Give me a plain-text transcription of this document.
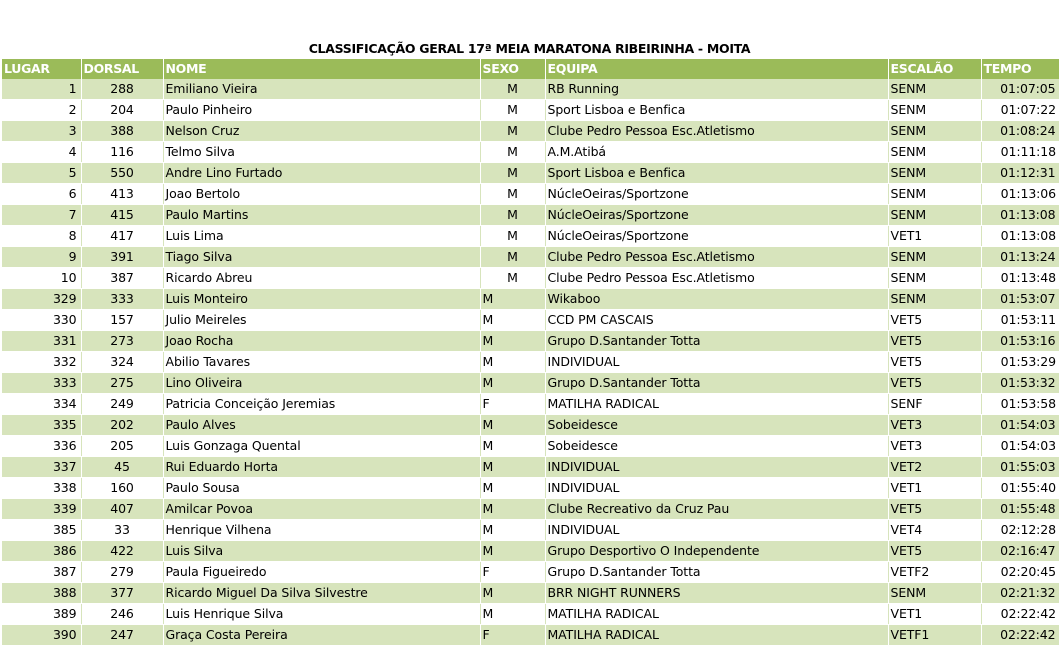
CLASSIFICAÇÃO GERAL 17ª MEIA MARATONA RIBEIRINHA - MOITA
LUGAR	DORSAL	NOME	SEXO	EQUIPA	ESCALÃO	TEMPO
1	288	Emiliano Vieira	M	RB Running	SENM	01:07:05
2	204	Paulo Pinheiro	M	Sport Lisboa e Benfica	SENM	01:07:22
3	388	Nelson Cruz	M	Clube Pedro Pessoa Esc.Atletismo	SENM	01:08:24
4	116	Telmo Silva	M	A.M.Atibá	SENM	01:11:18
5	550	Andre Lino Furtado	M	Sport Lisboa e Benfica	SENM	01:12:31
6	413	Joao Bertolo	M	NúcleOeiras/Sportzone	SENM	01:13:06
7	415	Paulo Martins	M	NúcleOeiras/Sportzone	SENM	01:13:08
8	417	Luis Lima	M	NúcleOeiras/Sportzone	VET1	01:13:08
9	391	Tiago Silva	M	Clube Pedro Pessoa Esc.Atletismo	SENM	01:13:24
10	387	Ricardo Abreu	M	Clube Pedro Pessoa Esc.Atletismo	SENM	01:13:48
329	333	Luis Monteiro	M	Wikaboo	SENM	01:53:07
330	157	Julio Meireles	M	CCD PM CASCAIS	VET5	01:53:11
331	273	Joao Rocha	M	Grupo D.Santander Totta	VET5	01:53:16
332	324	Abilio Tavares	M	INDIVIDUAL	VET5	01:53:29
333	275	Lino Oliveira	M	Grupo D.Santander Totta	VET5	01:53:32
334	249	Patricia Conceição Jeremias	F	MATILHA RADICAL	SENF	01:53:58
335	202	Paulo Alves	M	Sobeidesce	VET3	01:54:03
336	205	Luis Gonzaga Quental	M	Sobeidesce	VET3	01:54:03
337	45	Rui Eduardo Horta	M	INDIVIDUAL	VET2	01:55:03
338	160	Paulo Sousa	M	INDIVIDUAL	VET1	01:55:40
339	407	Amilcar Povoa	M	Clube Recreativo da Cruz Pau	VET5	01:55:48
385	33	Henrique Vilhena	M	INDIVIDUAL	VET4	02:12:28
386	422	Luis Silva	M	Grupo Desportivo O Independente	VET5	02:16:47
387	279	Paula Figueiredo	F	Grupo D.Santander Totta	VETF2	02:20:45
388	377	Ricardo Miguel Da Silva Silvestre	M	BRR NIGHT RUNNERS	SENM	02:21:32
389	246	Luis Henrique Silva	M	MATILHA RADICAL	VET1	02:22:42
390	247	Graça Costa Pereira	F	MATILHA RADICAL	VETF1	02:22:42
